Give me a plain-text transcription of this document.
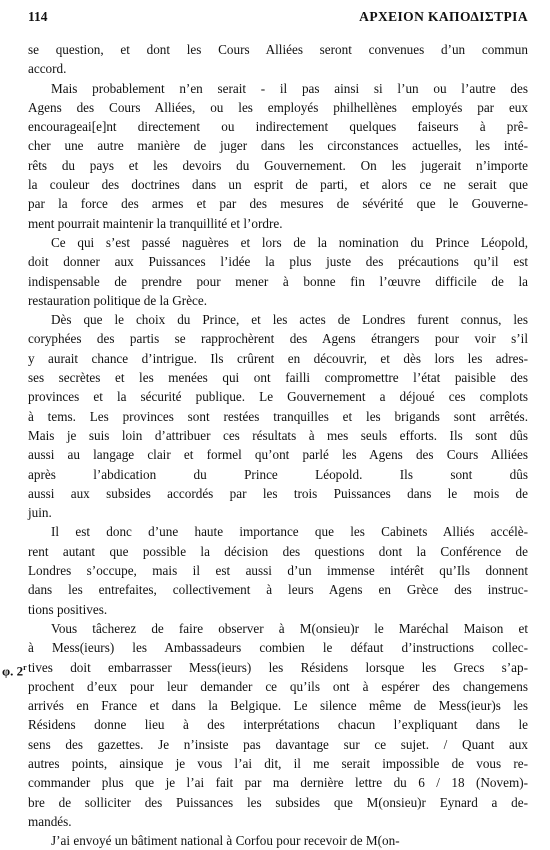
114	ΑΡΧΕΙΟΝ ΚΑΠΟΔΙΣΤΡΙΑ
φ. 2$^r$
se question, et dont les Cours Alliées seront convenues d’un commun
accord.
Mais probablement n’en serait - il pas ainsi si l’un ou l’autre des
Agens des Cours Alliées, ou les employés philhellènes employés par eux
encourageai[e]nt directement ou indirectement quelques faiseurs à prê-
cher une autre manière de juger dans les circonstances actuelles, les inté-
rêts du pays et les devoirs du Gouvernement. On les jugerait n’importe
la couleur des doctrines dans un esprit de parti, et alors ce ne serait que
par la force des armes et par des mesures de sévérité que le Gouverne-
ment pourrait maintenir la tranquillité et l’ordre.
Ce qui s’est passé naguères et lors de la nomination du Prince Léopold,
doit donner aux Puissances l’idée la plus juste des précautions qu’il est
indispensable de prendre pour mener à bonne fin l’œuvre difficile de la
restauration politique de la Grèce.
Dès que le choix du Prince, et les actes de Londres furent connus, les
coryphées des partis se rapprochèrent des Agens étrangers pour voir s’il
y aurait chance d’intrigue. Ils crûrent en découvrir, et dès lors les adres-
ses secrètes et les menées qui ont failli compromettre l’état paisible des
provinces et la sécurité publique. Le Gouvernement a déjoué ces complots
à tems. Les provinces sont restées tranquilles et les brigands sont arrêtés.
Mais je suis loin d’attribuer ces résultats à mes seuls efforts. Ils sont dûs
aussi au langage clair et formel qu’ont parlé les Agens des Cours Alliées
après l’abdication du Prince Léopold. Ils sont dûs
aussi aux subsides accordés par les trois Puissances dans le mois de
juin.
Il est donc d’une haute importance que les Cabinets Alliés accélè-
rent autant que possible la décision des questions dont la Conférence de
Londres s’occupe, mais il est aussi d’un immense intérêt qu’Ils donnent
dans les entrefaites, collectivement à leurs Agens en Grèce des instruc-
tions positives.
Vous tâcherez de faire observer à M(onsieu)r le Maréchal Maison et
à Mess(ieurs) les Ambassadeurs combien le défaut d’instructions collec-
tives doit embarrasser Mess(ieurs) les Résidens lorsque les Grecs s’ap-
prochent d’eux pour leur demander ce qu’ils ont à espérer des changemens
arrivés en France et dans la Belgique. Le silence même de Mess(ieur)s les
Résidens donne lieu à des interprétations chacun l’expliquant dans le
sens des gazettes. Je n’insiste pas davantage sur ce sujet. / Quant aux
autres points, ainsique je vous l’ai dit, il me serait impossible de vous re-
commander plus que je l’ai fait par ma dernière lettre du 6 / 18 (Novem)-
bre de solliciter des Puissances les subsides que M(onsieu)r Eynard a de-
mandés.
J’ai envoyé un bâtiment national à Corfou pour recevoir de M(on-
